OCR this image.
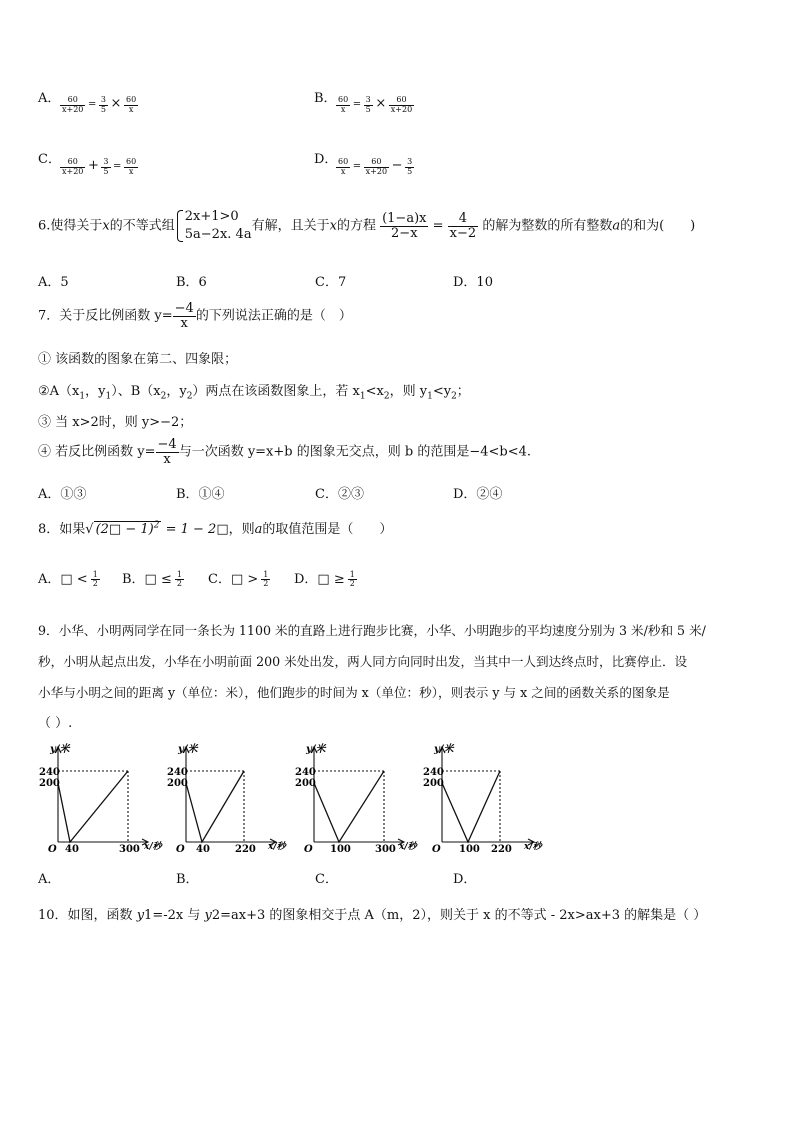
A． $\frac{60}{x+20} = \frac{3}{5} \times \frac{60}{x}$	B． $\frac{60}{x} = \frac{3}{5} \times \frac{60}{x+20}$
C． $\frac{60}{x+20} + \frac{3}{5} = \frac{60}{x}$	D．
$\frac{60}{x} = \frac{60}{x+20} - \frac{3}{5}$
6.使得关于x的不等式组
2x+1>0
5a−2x. 4a
有解，且关于x的方程 $\frac{(1-a)x}{2-x} = \frac{4}{x-2}$ 的解为整数的所有整数a的和为(　　)
A．5	B．6	C．7	D．10
7．关于反比例函数 $y= \frac{-4}{x}$ 的下列说法正确的是（　）
① 该函数的图象在第二、四象限；
$②A(x_1$，$y_1$）、$B(x_2$，$y_2$）两点在该函数图象上，若 $x_1<x_2$，则 $y_1<y_2$；
③ 当 x>2时，则 y>−2；
④ 若反比例函数 $y= \frac{-4}{x}$ 与一次函数 y=x+b 的图象无交点，则 b 的范围是−4<b<4.
A．①③	B．①④	C．②③	D．②④
8．如果√ (2□ − 1)$^2$ = 1 − 2□，则a的取值范围是（　　）
A．□ < $\frac{1}{2}$ B．□ ≤ $\frac{1}{2}$ C．□ > $\frac{1}{2}$ D．□ ≥ $\frac{1}{2}$
9．小华、小明两同学在同一条长为 1100 米的直路上进行跑步比赛，小华、小明跑步的平均速度分别为 3 米/秒和 5 米/
秒，小明从起点出发，小华在小明前面 200 米处出发，两人同方向同时出发，当其中一人到达终点时，比赛停止．设
小华与小明之间的距离 y（单位：米），他们跑步的时间为 x（单位：秒），则表示 y 与 x 之间的函数关系的图象是
（ ）.
y/米
240
200
O 40	300 x/秒
A．
y/米
240
200
O 40	220 x/秒
B．
y/米
240
200
O 100 300 x/秒
C．
y/米
240
200
O 100 220 x/秒
D．
10．如图，函数 y1=-2x 与 y2=ax+3 的图象相交于点 A（m，2），则关于 x 的不等式 - 2x>ax+3 的解集是（ ）
